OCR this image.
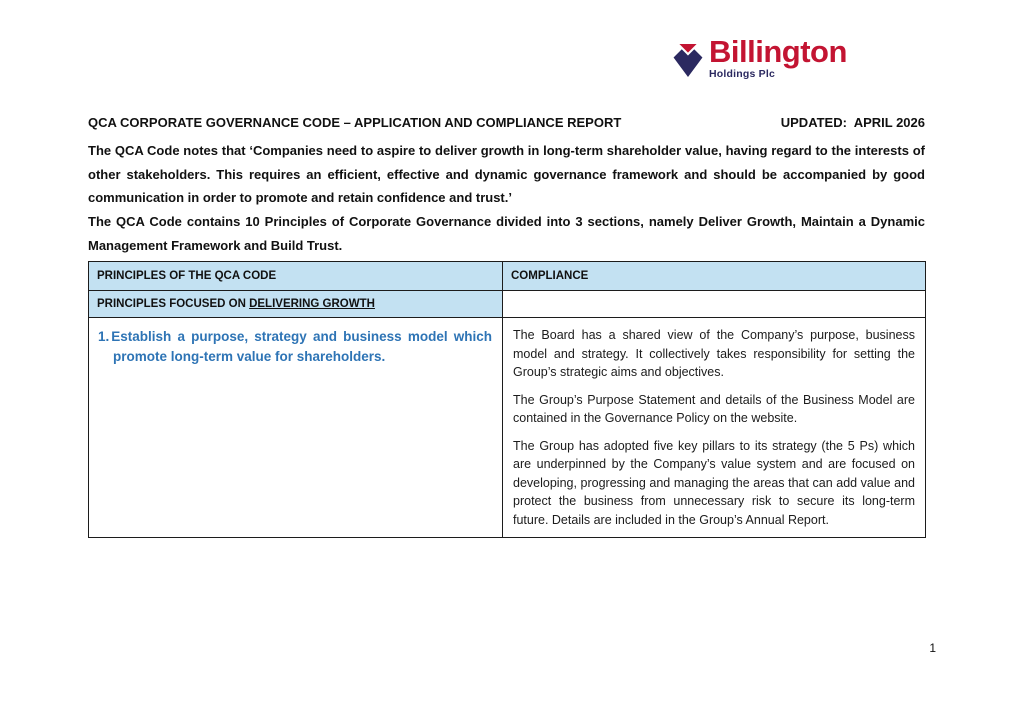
Billington
Holdings Plc
QCA CORPORATE GOVERNANCE CODE – APPLICATION AND COMPLIANCE REPORT	UPDATED:  APRIL 2026
The QCA Code notes that ‘Companies need to aspire to deliver growth in long-term shareholder value, having regard to the interests of other stakeholders. This requires an efficient, effective and dynamic governance framework and should be accompanied by good communication in order to promote and retain confidence and trust.’
The QCA Code contains 10 Principles of Corporate Governance divided into 3 sections, namely Deliver Growth, Maintain a Dynamic Management Framework and Build Trust.
PRINCIPLES OF THE QCA CODE	COMPLIANCE
PRINCIPLES FOCUSED ON DELIVERING GROWTH	

1. Establish a purpose, strategy and business model which promote long-term value for shareholders.	The Board has a shared view of the Company’s purpose, business model and strategy. It collectively takes responsibility for setting the Group’s strategic aims and objectives.

The Group’s Purpose Statement and details of the Business Model are contained in the Governance Policy on the website.

The Group has adopted five key pillars to its strategy (the 5 Ps) which are underpinned by the Company’s value system and are focused on developing, progressing and managing the areas that can add value and protect the business from unnecessary risk to secure its long-term future. Details are included in the Group’s Annual Report.

1
